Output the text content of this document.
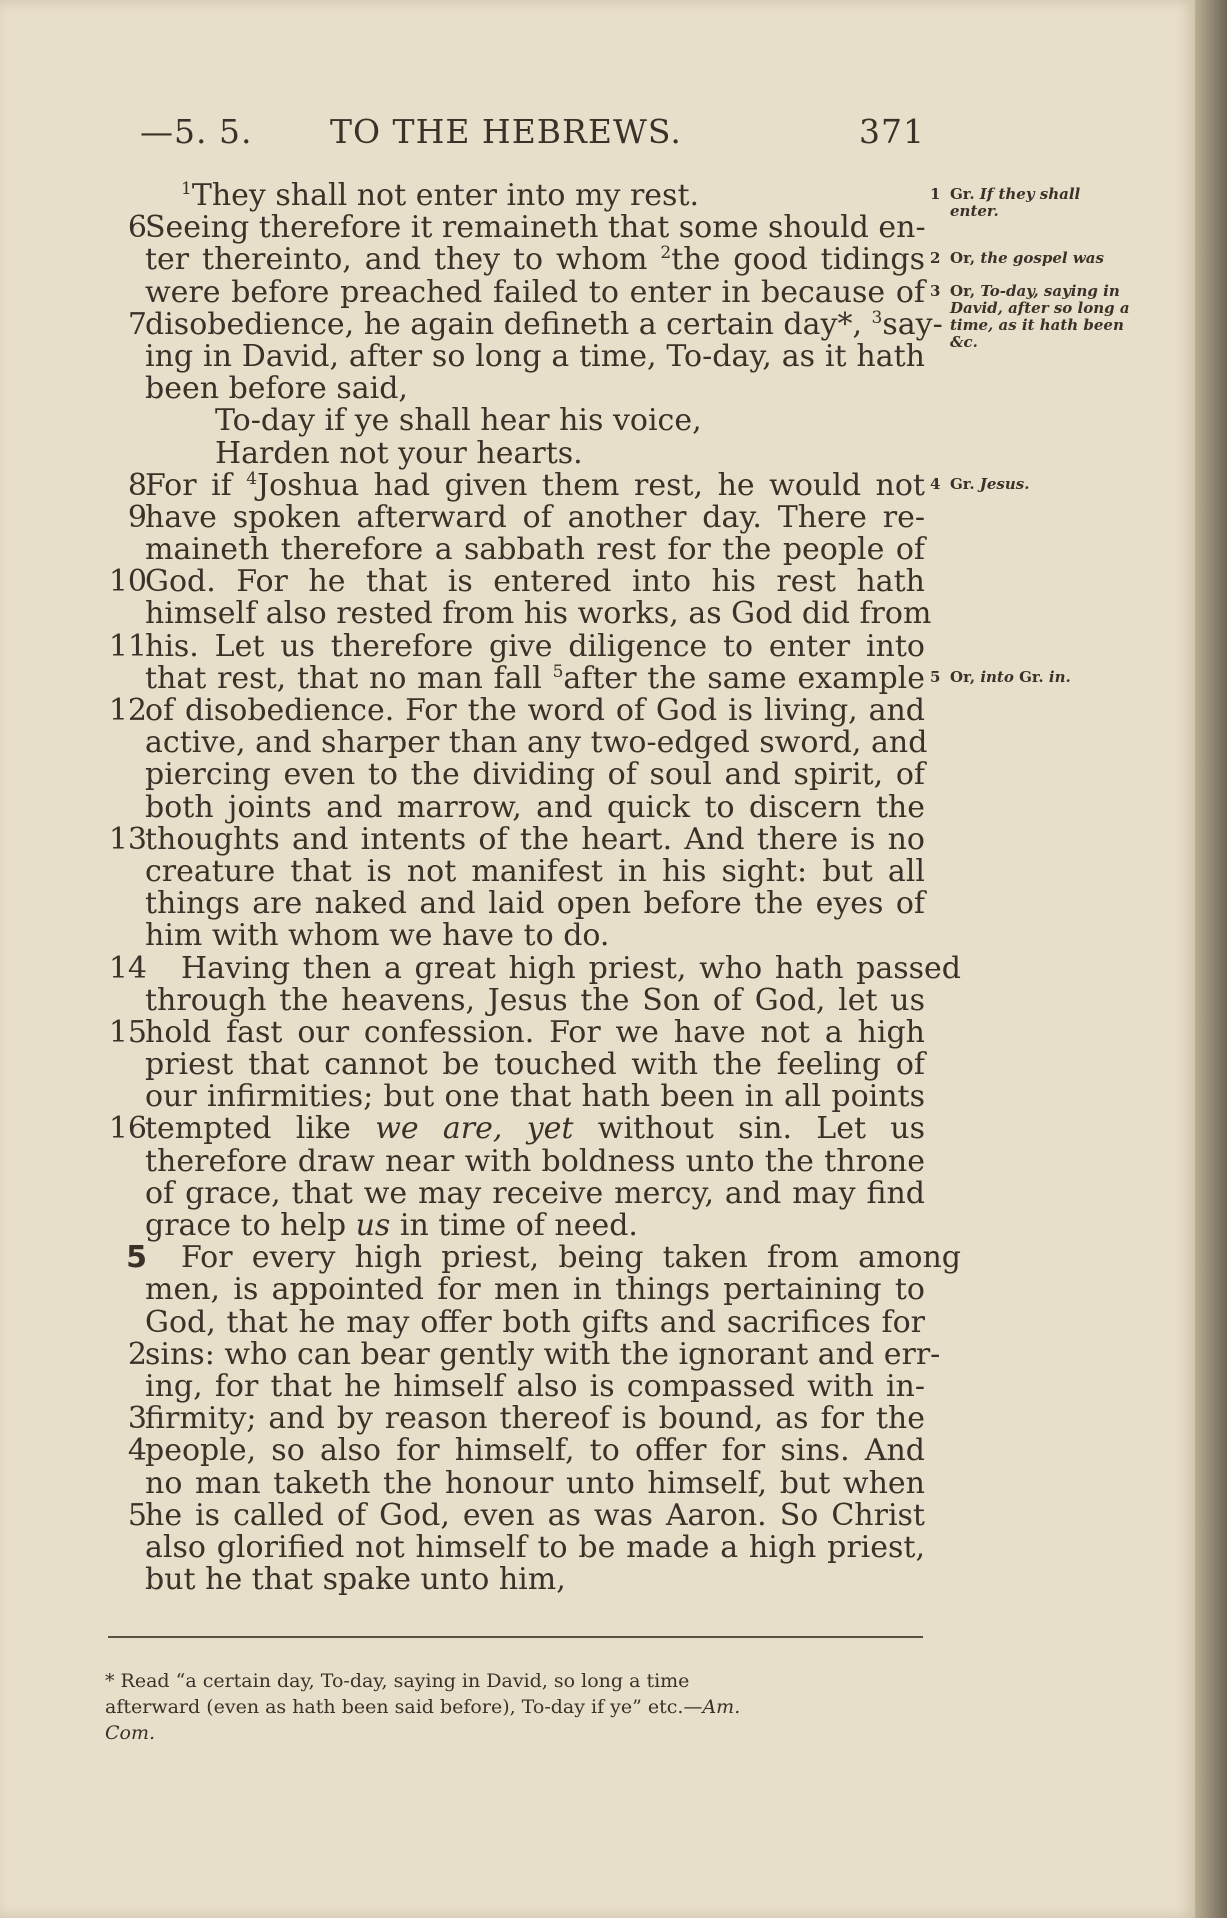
—5. 5. TO THE HEBREWS.	371
$^1$They shall not enter into my rest.
6
Seeing therefore it remaineth that some should en-
ter thereinto, and they to whom $^2$the good tidings
were before preached failed to enter in because of
7
disobedience, he again defineth a certain day*, $^3$say-
ing in David, after so long a time, To-day, as it hath
been before said,
To-day if ye shall hear his voice,
Harden not your hearts.
8
For if $^4$Joshua had given them rest, he would not
9
have spoken afterward of another day. There re-
maineth therefore a sabbath rest for the people of
10
God. For he that is entered into his rest hath
himself also rested from his works, as God did from
11
his. Let us therefore give diligence to enter into
that rest, that no man fall $^5$after the same example
12
of disobedience. For the word of God is living, and
active, and sharper than any two-edged sword, and
piercing even to the dividing of soul and spirit, of
both joints and marrow, and quick to discern the
13
thoughts and intents of the heart. And there is no
creature that is not manifest in his sight: but all
things are naked and laid open before the eyes of
him with whom we have to do.
14	Having then a great high priest, who hath passed
through the heavens, Jesus the Son of God, let us
15
hold fast our confession. For we have not a high
priest that cannot be touched with the feeling of
our infirmities; but one that hath been in all points
16
tempted like we are, yet without sin. Let us
therefore draw near with boldness unto the throne
of grace, that we may receive mercy, and may find
grace to help us in time of need.
5	For every high priest, being taken from among
men, is appointed for men in things pertaining to
God, that he may offer both gifts and sacrifices for
2
sins: who can bear gently with the ignorant and err-
ing, for that he himself also is compassed with in-
3
firmity; and by reason thereof is bound, as for the
4
people, so also for himself, to offer for sins. And
no man taketh the honour unto himself, but when
5
he is called of God, even as was Aaron. So Christ
also glorified not himself to be made a high priest,
but he that spake unto him,
1 Gr. If they shall enter.
2 Or, the gospel was
3 Or, To-day, saying in David, after so long a time, as it hath been &c.
4 Gr. Jesus.
5 Or, into Gr. in.
* Read “a certain day, To-day, saying in David, so long a time
afterward (even as hath been said before), To-day if ye” etc.—Am.
Com.
